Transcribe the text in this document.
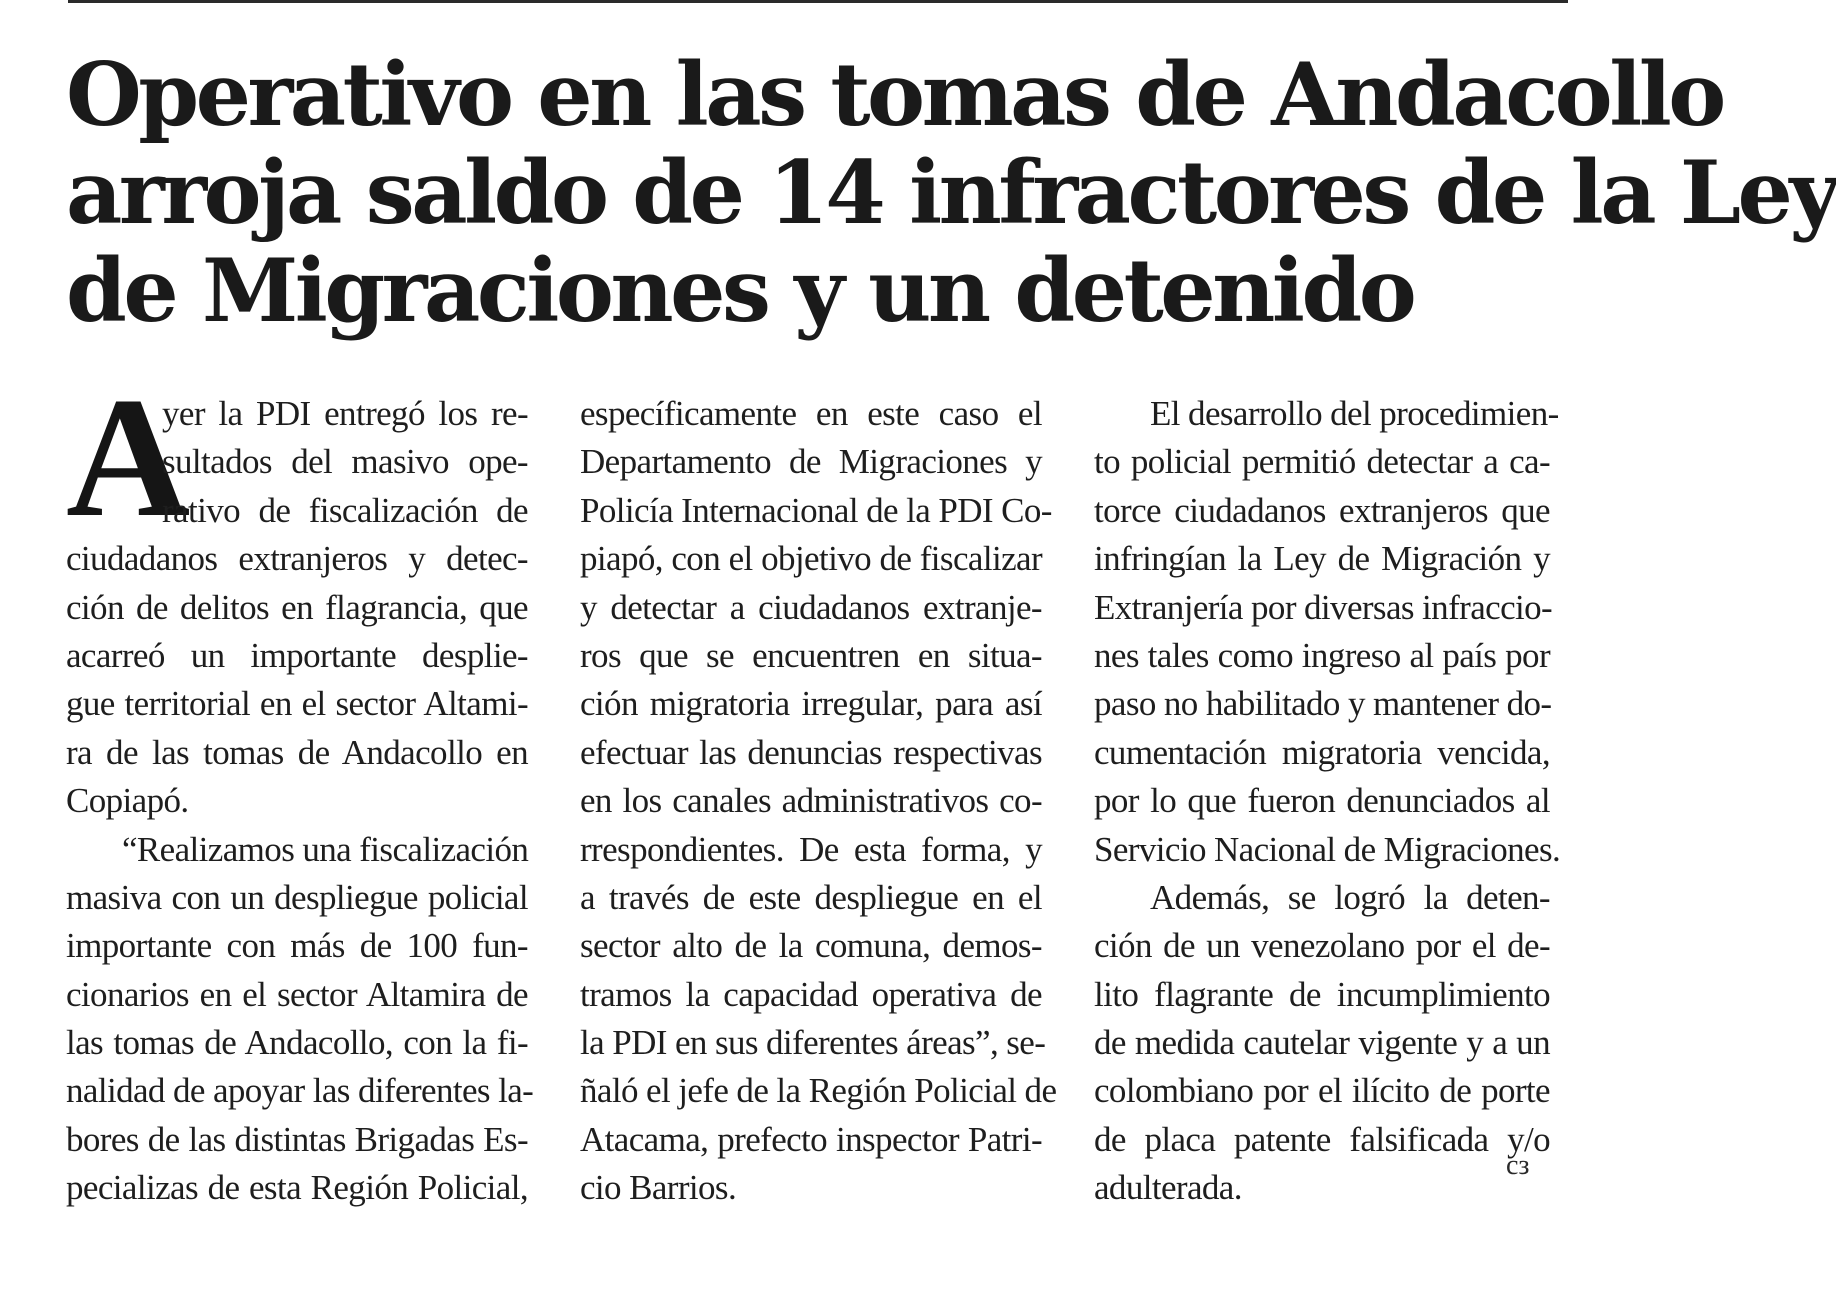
Operativo en las tomas de Andacollo
arroja saldo de 14 infractores de la Ley
de Migraciones y un detenido
A
yer la PDI entregó los re-
sultados del masivo ope-
rativo de fiscalización de
ciudadanos extranjeros y detec-
ción de delitos en flagrancia, que
acarreó un importante desplie-
gue territorial en el sector Altami-
ra de las tomas de Andacollo en
Copiapó.
“Realizamos una fiscalización
masiva con un despliegue policial
importante con más de 100 fun-
cionarios en el sector Altamira de
las tomas de Andacollo, con la fi-
nalidad de apoyar las diferentes la-
bores de las distintas Brigadas Es-
pecializas de esta Región Policial,
específicamente en este caso el
Departamento de Migraciones y
Policía Internacional de la PDI Co-
piapó, con el objetivo de fiscalizar
y detectar a ciudadanos extranje-
ros que se encuentren en situa-
ción migratoria irregular, para así
efectuar las denuncias respectivas
en los canales administrativos co-
rrespondientes. De esta forma, y
a través de este despliegue en el
sector alto de la comuna, demos-
tramos la capacidad operativa de
la PDI en sus diferentes áreas”, se-
ñaló el jefe de la Región Policial de
Atacama, prefecto inspector Patri-
cio Barrios.
El desarrollo del procedimien-
to policial permitió detectar a ca-
torce ciudadanos extranjeros que
infringían la Ley de Migración y
Extranjería por diversas infraccio-
nes tales como ingreso al país por
paso no habilitado y mantener do-
cumentación migratoria vencida,
por lo que fueron denunciados al
Servicio Nacional de Migraciones.
Además, se logró la deten-
ción de un venezolano por el de-
lito flagrante de incumplimiento
de medida cautelar vigente y a un
colombiano por el ilícito de porte
de placa patente falsificada y/o
adulterada.
cз
